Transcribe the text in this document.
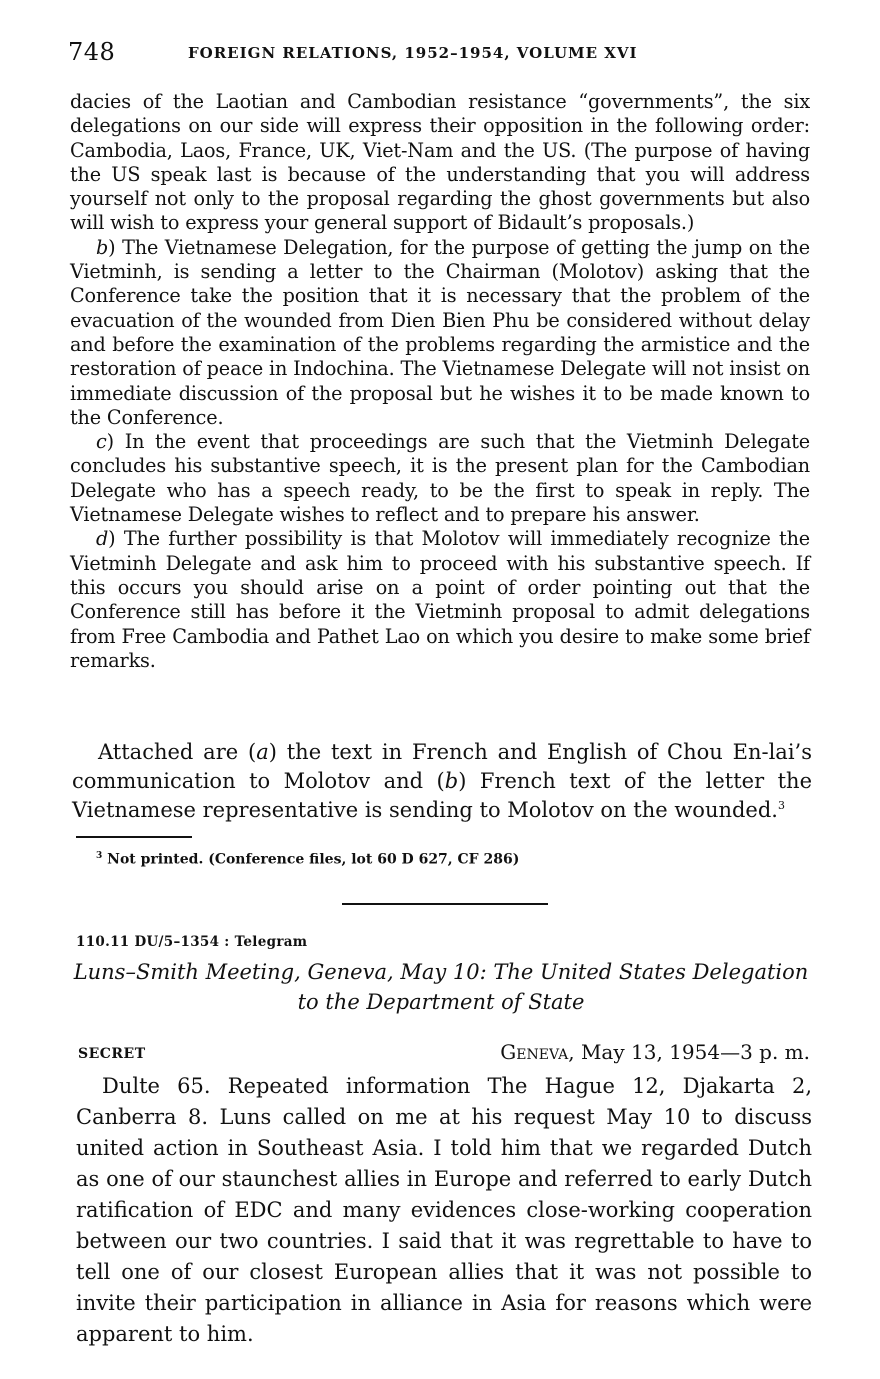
748	FOREIGN RELATIONS, 1952–1954, VOLUME XVI

dacies of the Laotian and Cambodian resistance “governments”, the six delegations on our side will express their opposition in the following order: Cambodia, Laos, France, UK, Viet-Nam and the US. (The purpose of having the US speak last is because of the understanding that you will address yourself not only to the proposal regarding the ghost governments but also will wish to express your general support of Bidault’s proposals.)

b) The Vietnamese Delegation, for the purpose of getting the jump on the Vietminh, is sending a letter to the Chairman (Molotov) asking that the Conference take the position that it is necessary that the problem of the evacuation of the wounded from Dien Bien Phu be considered without delay and before the examination of the problems regarding the armistice and the restoration of peace in Indochina. The Vietnamese Delegate will not insist on immediate discussion of the proposal but he wishes it to be made known to the Conference.

c) In the event that proceedings are such that the Vietminh Delegate concludes his substantive speech, it is the present plan for the Cambodian Delegate who has a speech ready, to be the first to speak in reply. The Vietnamese Delegate wishes to reflect and to prepare his answer.

d) The further possibility is that Molotov will immediately recognize the Vietminh Delegate and ask him to proceed with his substantive speech. If this occurs you should arise on a point of order pointing out that the Conference still has before it the Vietminh proposal to admit delegations from Free Cambodia and Pathet Lao on which you desire to make some brief remarks.

Attached are (a) the text in French and English of Chou En-lai’s communication to Molotov and (b) French text of the letter the Vietnamese representative is sending to Molotov on the wounded.$^3$

$^3$ Not printed. (Conference files, lot 60 D 627, CF 286)
110.11 DU/5–1354 : Telegram
Luns–Smith Meeting, Geneva, May 10: The United States Delegation
to the Department of State
SECRET	Geneva, May 13, 1954—3 p. m.

Dulte 65. Repeated information The Hague 12, Djakarta 2, Canberra 8. Luns called on me at his request May 10 to discuss united action in Southeast Asia. I told him that we regarded Dutch as one of our staunchest allies in Europe and referred to early Dutch ratification of EDC and many evidences close-working cooperation between our two countries. I said that it was regrettable to have to tell one of our closest European allies that it was not possible to invite their participation in alliance in Asia for reasons which were apparent to him.
